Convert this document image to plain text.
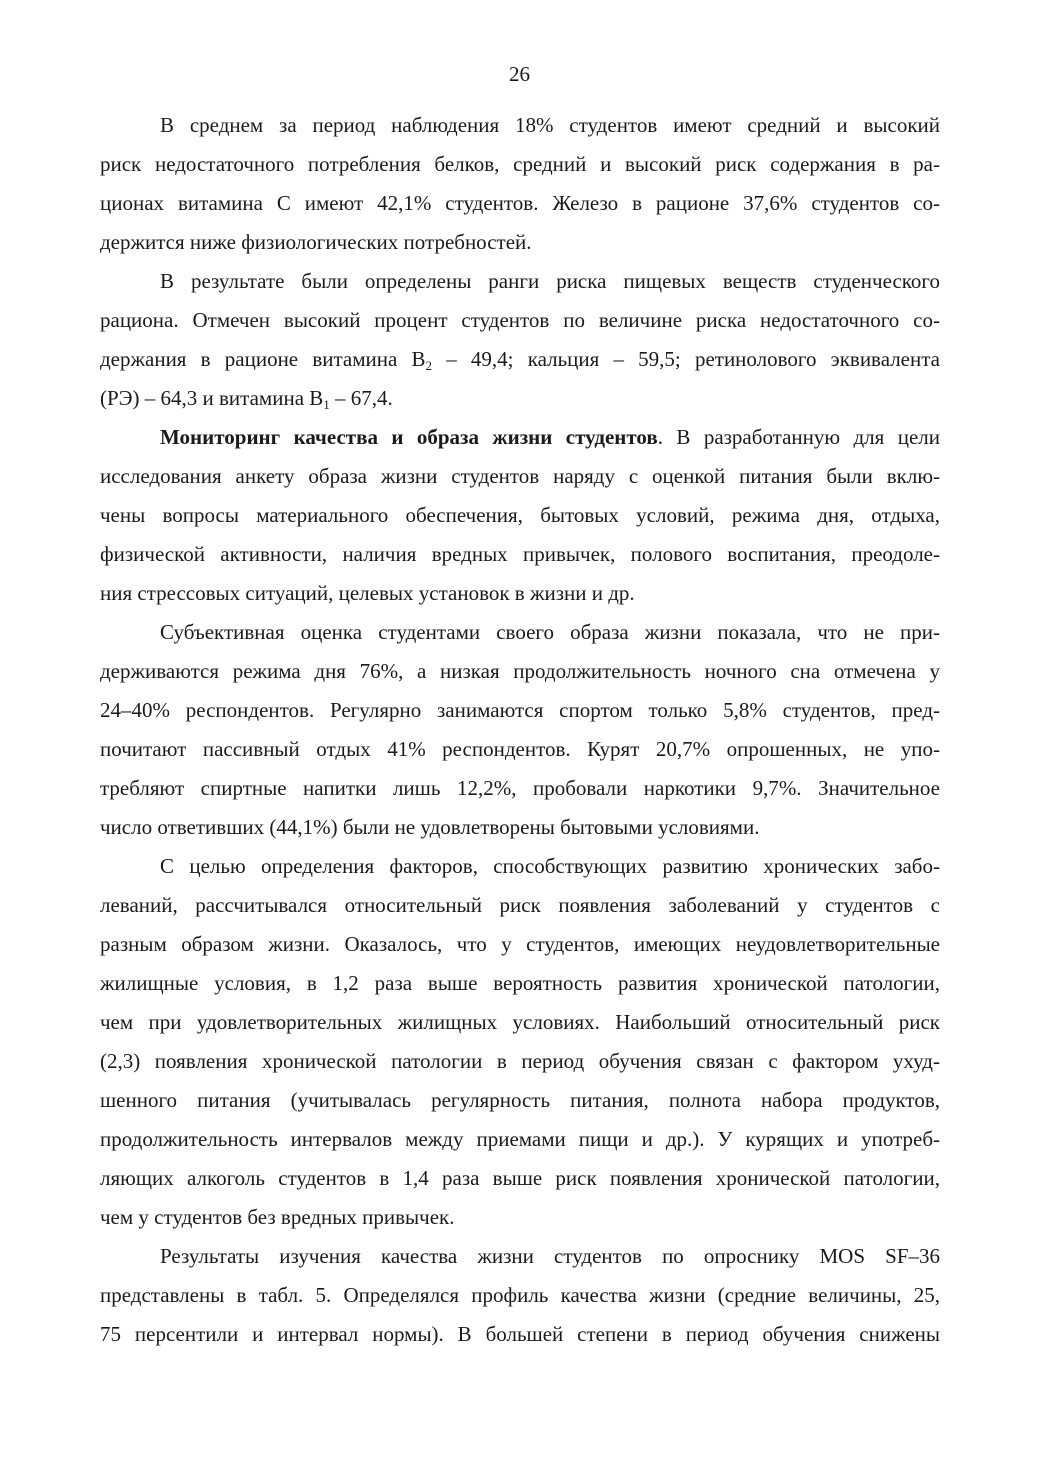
26
В среднем за период наблюдения 18% студентов имеют средний и высокий
риск недостаточного потребления белков, средний и высокий риск содержания в ра-
ционах витамина С имеют 42,1% студентов. Железо в рационе 37,6% студентов со-
держится ниже физиологических потребностей.
В результате были определены ранги риска пищевых веществ студенческого
рациона. Отмечен высокий процент студентов по величине риска недостаточного со-
держания в рационе витамина $В_2 - 49,4$; кальция – 59,5; ретинолового эквивалента
(РЭ) – 64,3 и витамина $В_1 - 67,4$.
Мониторинг качества и образа жизни студентов. В разработанную для цели
исследования анкету образа жизни студентов наряду с оценкой питания были вклю-
чены вопросы материального обеспечения, бытовых условий, режима дня, отдыха,
физической активности, наличия вредных привычек, полового воспитания, преодоле-
ния стрессовых ситуаций, целевых установок в жизни и др.
Субъективная оценка студентами своего образа жизни показала, что не при-
держиваются режима дня 76%, а низкая продолжительность ночного сна отмечена у
24–40% респондентов. Регулярно занимаются спортом только 5,8% студентов, пред-
почитают пассивный отдых 41% респондентов. Курят 20,7% опрошенных, не упо-
требляют спиртные напитки лишь 12,2%, пробовали наркотики 9,7%. Значительное
число ответивших (44,1%) были не удовлетворены бытовыми условиями.
С целью определения факторов, способствующих развитию хронических забо-
леваний, рассчитывался относительный риск появления заболеваний у студентов с
разным образом жизни. Оказалось, что у студентов, имеющих неудовлетворительные
жилищные условия, в 1,2 раза выше вероятность развития хронической патологии,
чем при удовлетворительных жилищных условиях. Наибольший относительный риск
(2,3) появления хронической патологии в период обучения связан с фактором ухуд-
шенного питания (учитывалась регулярность питания, полнота набора продуктов,
продолжительность интервалов между приемами пищи и др.). У курящих и употреб-
ляющих алкоголь студентов в 1,4 раза выше риск появления хронической патологии,
чем у студентов без вредных привычек.
Результаты изучения качества жизни студентов по опроснику MOS SF–36
представлены в табл. 5. Определялся профиль качества жизни (средние величины, 25,
75 персентили и интервал нормы). В большей степени в период обучения снижены
